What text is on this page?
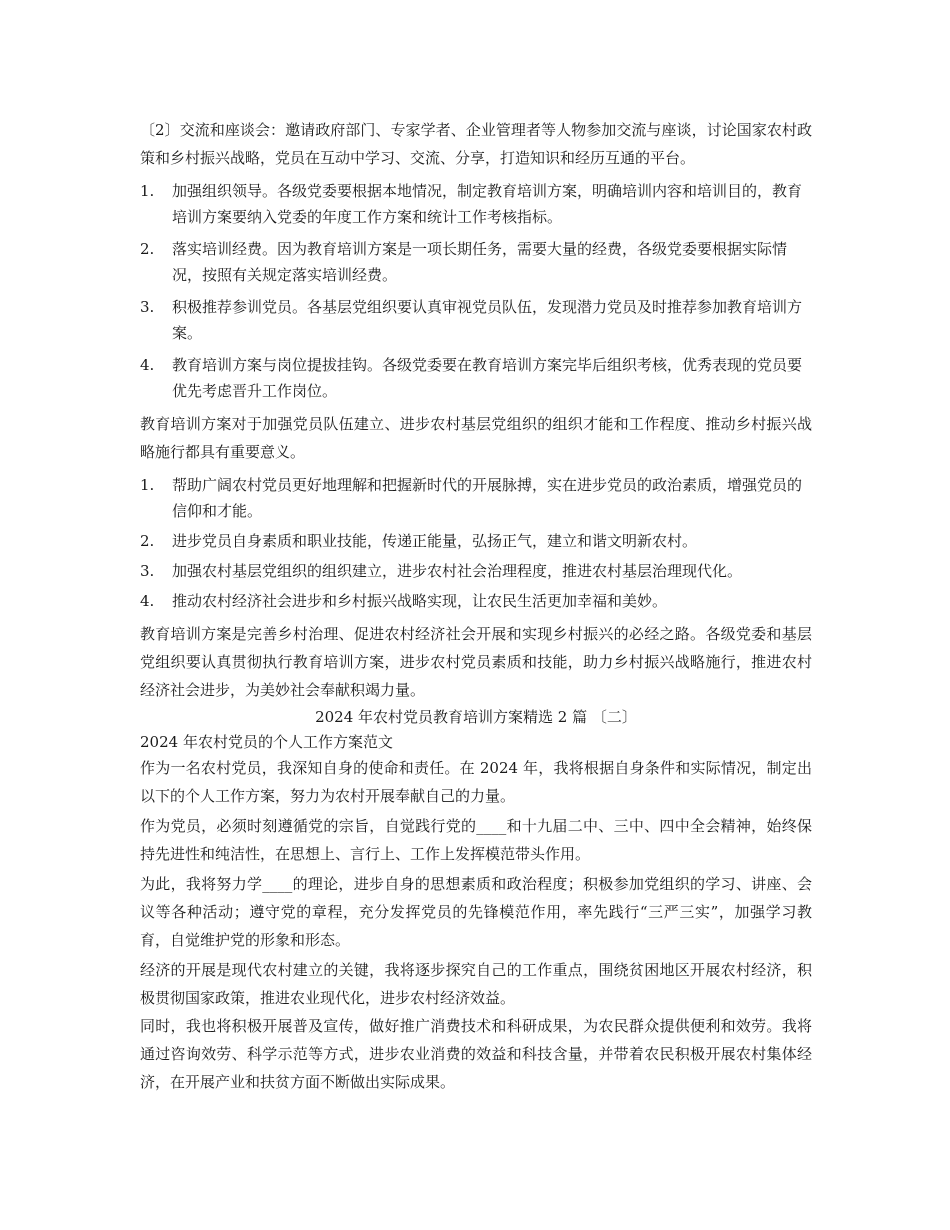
〔2〕交流和座谈会：邀请政府部门、专家学者、企业管理者等人物参加交流与座谈，讨论国家农村政策和乡村振兴战略，党员在互动中学习、交流、分享，打造知识和经历互通的平台。

1. 加强组织领导。各级党委要根据本地情况，制定教育培训方案，明确培训内容和培训目的，教育培训方案要纳入党委的年度工作方案和统计工作考核指标。
2. 落实培训经费。因为教育培训方案是一项长期任务，需要大量的经费，各级党委要根据实际情况，按照有关规定落实培训经费。
3. 积极推荐参训党员。各基层党组织要认真审视党员队伍，发现潜力党员及时推荐参加教育培训方案。
4. 教育培训方案与岗位提拔挂钩。各级党委要在教育培训方案完毕后组织考核，优秀表现的党员要优先考虑晋升工作岗位。

教育培训方案对于加强党员队伍建立、进步农村基层党组织的组织才能和工作程度、推动乡村振兴战略施行都具有重要意义。

1. 帮助广阔农村党员更好地理解和把握新时代的开展脉搏，实在进步党员的政治素质，增强党员的信仰和才能。
2. 进步党员自身素质和职业技能，传递正能量，弘扬正气，建立和谐文明新农村。
3. 加强农村基层党组织的组织建立，进步农村社会治理程度，推进农村基层治理现代化。
4. 推动农村经济社会进步和乡村振兴战略实现，让农民生活更加幸福和美妙。

教育培训方案是完善乡村治理、促进农村经济社会开展和实现乡村振兴的必经之路。各级党委和基层党组织要认真贯彻执行教育培训方案，进步农村党员素质和技能，助力乡村振兴战略施行，推进农村经济社会进步，为美妙社会奉献积竭力量。

2024 年农村党员教育培训方案精选 2 篇 〔二〕

2024 年农村党员的个人工作方案范文

作为一名农村党员，我深知自身的使命和责任。在 2024 年，我将根据自身条件和实际情况，制定出以下的个人工作方案，努力为农村开展奉献自己的力量。

作为党员，必须时刻遵循党的宗旨，自觉践行党的____和十九届二中、三中、四中全会精神，始终保持先进性和纯洁性，在思想上、言行上、工作上发挥模范带头作用。

为此，我将努力学____的理论，进步自身的思想素质和政治程度；积极参加党组织的学习、讲座、会议等各种活动；遵守党的章程，充分发挥党员的先锋模范作用，率先践行“三严三实”，加强学习教育，自觉维护党的形象和形态。

经济的开展是现代农村建立的关键，我将逐步探究自己的工作重点，围绕贫困地区开展农村经济，积极贯彻国家政策，推进农业现代化，进步农村经济效益。

同时，我也将积极开展普及宣传，做好推广消费技术和科研成果，为农民群众提供便利和效劳。我将通过咨询效劳、科学示范等方式，进步农业消费的效益和科技含量，并带着农民积极开展农村集体经济，在开展产业和扶贫方面不断做出实际成果。
